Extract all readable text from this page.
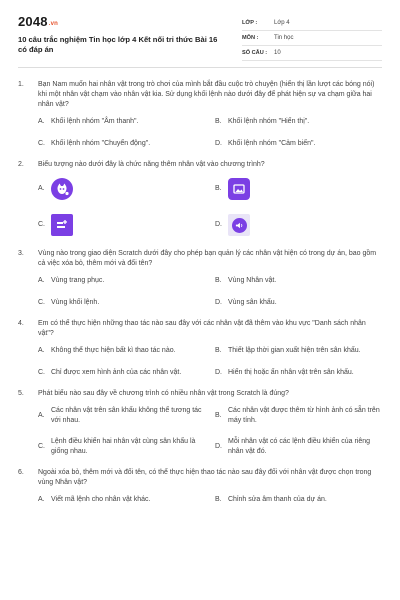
2048.vn
10 câu trắc nghiệm Tin học lớp 4 Kết nối tri thức Bài 16 có đáp án
LỚP :	Lớp 4
MÔN :	Tin học
SỐ CÂU :	10
1.	Bạn Nam muốn hai nhân vật trong trò chơi của mình bắt đầu cuộc trò chuyện (hiển thị lần lượt các bóng nói) khi một nhân vật chạm vào nhân vật kia. Sử dụng khối lệnh nào dưới đây để phát hiện sự va chạm giữa hai nhân vật?
A. Khối lệnh nhóm "Âm thanh".	B. Khối lệnh nhóm "Hiển thị".
C. Khối lệnh nhóm "Chuyển động".	D. Khối lệnh nhóm "Cảm biến".
2.	Biểu tượng nào dưới đây là chức năng thêm nhân vật vào chương trình?
A.	B.
C.	D.
3.	Vùng nào trong giao diện Scratch dưới đây cho phép bạn quản lý các nhân vật hiện có trong dự án, bao gồm cả việc xóa bỏ, thêm mới và đổi tên?
A. Vùng trang phục.	B. Vùng Nhân vật.
C. Vùng khối lệnh.	D. Vùng sân khấu.
4.	Em có thể thực hiện những thao tác nào sau đây với các nhân vật đã thêm vào khu vực "Danh sách nhân vật"?
A. Không thể thực hiện bất kì thao tác nào.	B. Thiết lập thời gian xuất hiện trên sân khấu.
C. Chỉ được xem hình ảnh của các nhân vật.	D. Hiển thị hoặc ẩn nhân vật trên sân khấu.
5.	Phát biểu nào sau đây về chương trình có nhiều nhân vật trong Scratch là đúng?
A.
Các nhân vật trên sân khấu không thể tương tác với nhau.
B.
Các nhân vật được thêm từ hình ảnh có sẵn trên máy tính.
C.
Lệnh điều khiển hai nhân vật cùng sân khấu là giống nhau.
D.
Mỗi nhân vật có các lệnh điều khiển của riêng nhân vật đó.
6.	Ngoài xóa bỏ, thêm mới và đổi tên, có thể thực hiện thao tác nào sau đây đối với nhân vật được chọn trong vùng Nhân vật?
A. Viết mã lệnh cho nhân vật khác.	B. Chỉnh sửa âm thanh của dự án.
